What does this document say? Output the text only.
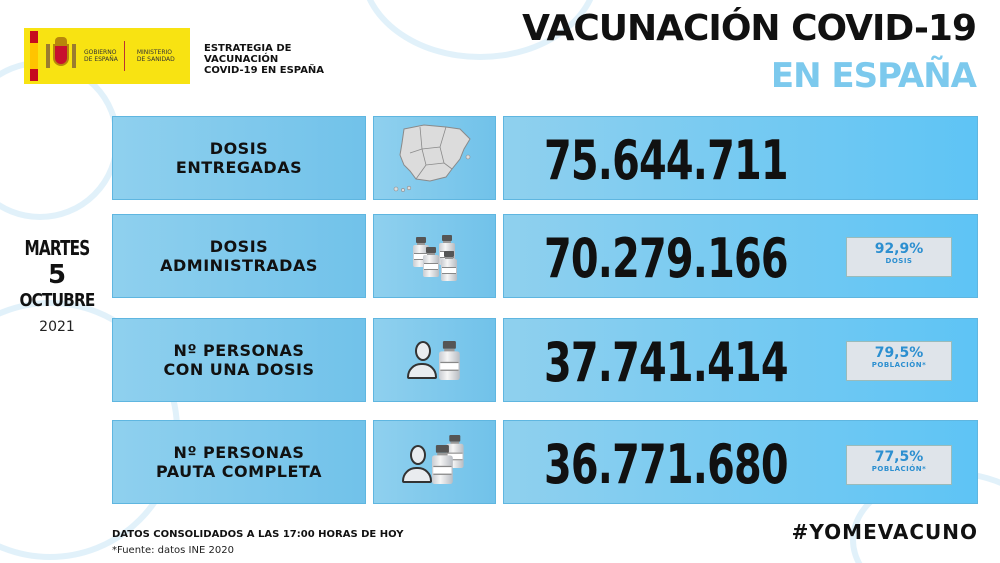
GOBIERNO
DE ESPAÑA
MINISTERIO
DE SANIDAD
ESTRATEGIA DE
VACUNACIÓN
COVID-19 EN ESPAÑA
VACUNACIÓN COVID-19
EN ESPAÑA
MARTES
5
OCTUBRE
2021
DOSIS
ENTREGADAS	75.644.711
DOSIS
ADMINISTRADAS	70.279.166	92,9%
DOSIS
Nº PERSONAS
CON UNA DOSIS	37.741.414	79,5%
POBLACIÓN*
Nº PERSONAS
PAUTA COMPLETA	36.771.680	77,5%
POBLACIÓN*
DATOS CONSOLIDADOS A LAS 17:00 HORAS DE HOY
*Fuente: datos INE 2020
#YOMEVACUNO
